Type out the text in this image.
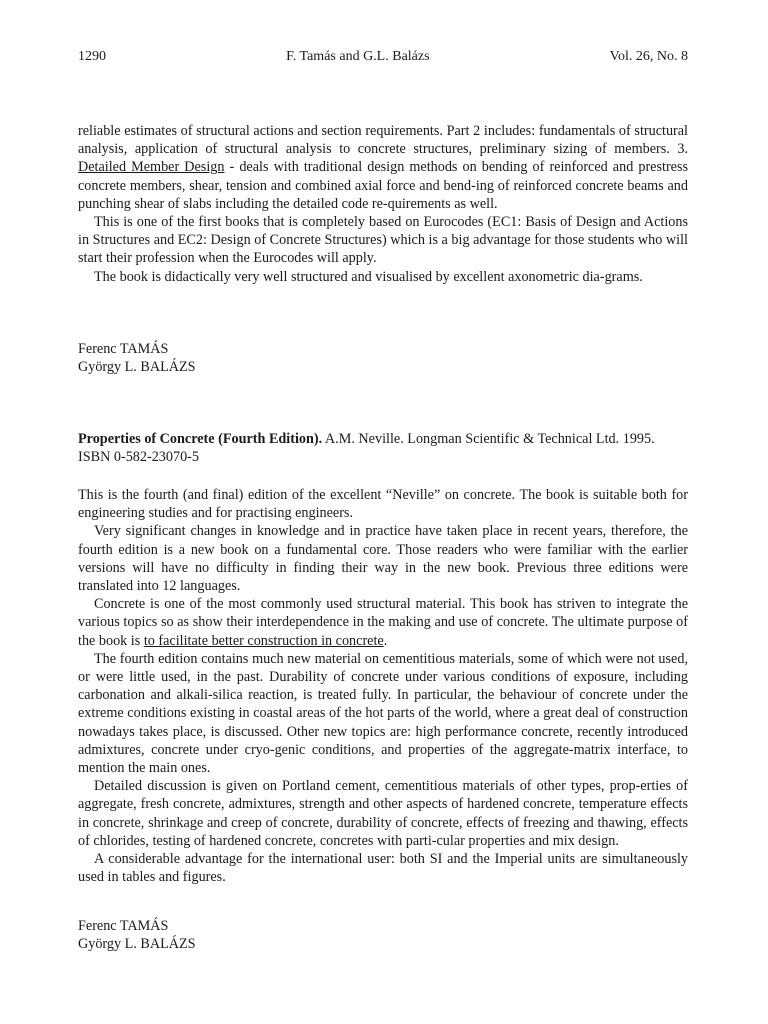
1290	F. Tamás and G.L. Balázs	Vol. 26, No. 8

reliable estimates of structural actions and section requirements. Part 2 includes: fundamentals of structural analysis, application of structural analysis to concrete structures, preliminary sizing of members. 3. Detailed Member Design - deals with traditional design methods on bending of reinforced and prestress concrete members, shear, tension and combined axial force and bend-ing of reinforced concrete beams and punching shear of slabs including the detailed code re-quirements as well.

This is one of the first books that is completely based on Eurocodes (EC1: Basis of Design and Actions in Structures and EC2: Design of Concrete Structures) which is a big advantage for those students who will start their profession when the Eurocodes will apply.

The book is didactically very well structured and visualised by excellent axonometric dia-grams.

Ferenc TAMÁS
György L. BALÁZS
Properties of Concrete (Fourth Edition). A.M. Neville. Longman Scientific & Technical Ltd. 1995. ISBN 0-582-23070-5

This is the fourth (and final) edition of the excellent “Neville” on concrete. The book is suitable both for engineering studies and for practising engineers.

Very significant changes in knowledge and in practice have taken place in recent years, therefore, the fourth edition is a new book on a fundamental core. Those readers who were familiar with the earlier versions will have no difficulty in finding their way in the new book. Previous three editions were translated into 12 languages.

Concrete is one of the most commonly used structural material. This book has striven to integrate the various topics so as show their interdependence in the making and use of concrete. The ultimate purpose of the book is to facilitate better construction in concrete.

The fourth edition contains much new material on cementitious materials, some of which were not used, or were little used, in the past. Durability of concrete under various conditions of exposure, including carbonation and alkali-silica reaction, is treated fully. In particular, the behaviour of concrete under the extreme conditions existing in coastal areas of the hot parts of the world, where a great deal of construction nowadays takes place, is discussed. Other new topics are: high performance concrete, recently introduced admixtures, concrete under cryo-genic conditions, and properties of the aggregate-matrix interface, to mention the main ones.

Detailed discussion is given on Portland cement, cementitious materials of other types, prop-erties of aggregate, fresh concrete, admixtures, strength and other aspects of hardened concrete, temperature effects in concrete, shrinkage and creep of concrete, durability of concrete, effects of freezing and thawing, effects of chlorides, testing of hardened concrete, concretes with parti-cular properties and mix design.

A considerable advantage for the international user: both SI and the Imperial units are simultaneously used in tables and figures.

Ferenc TAMÁS
György L. BALÁZS
